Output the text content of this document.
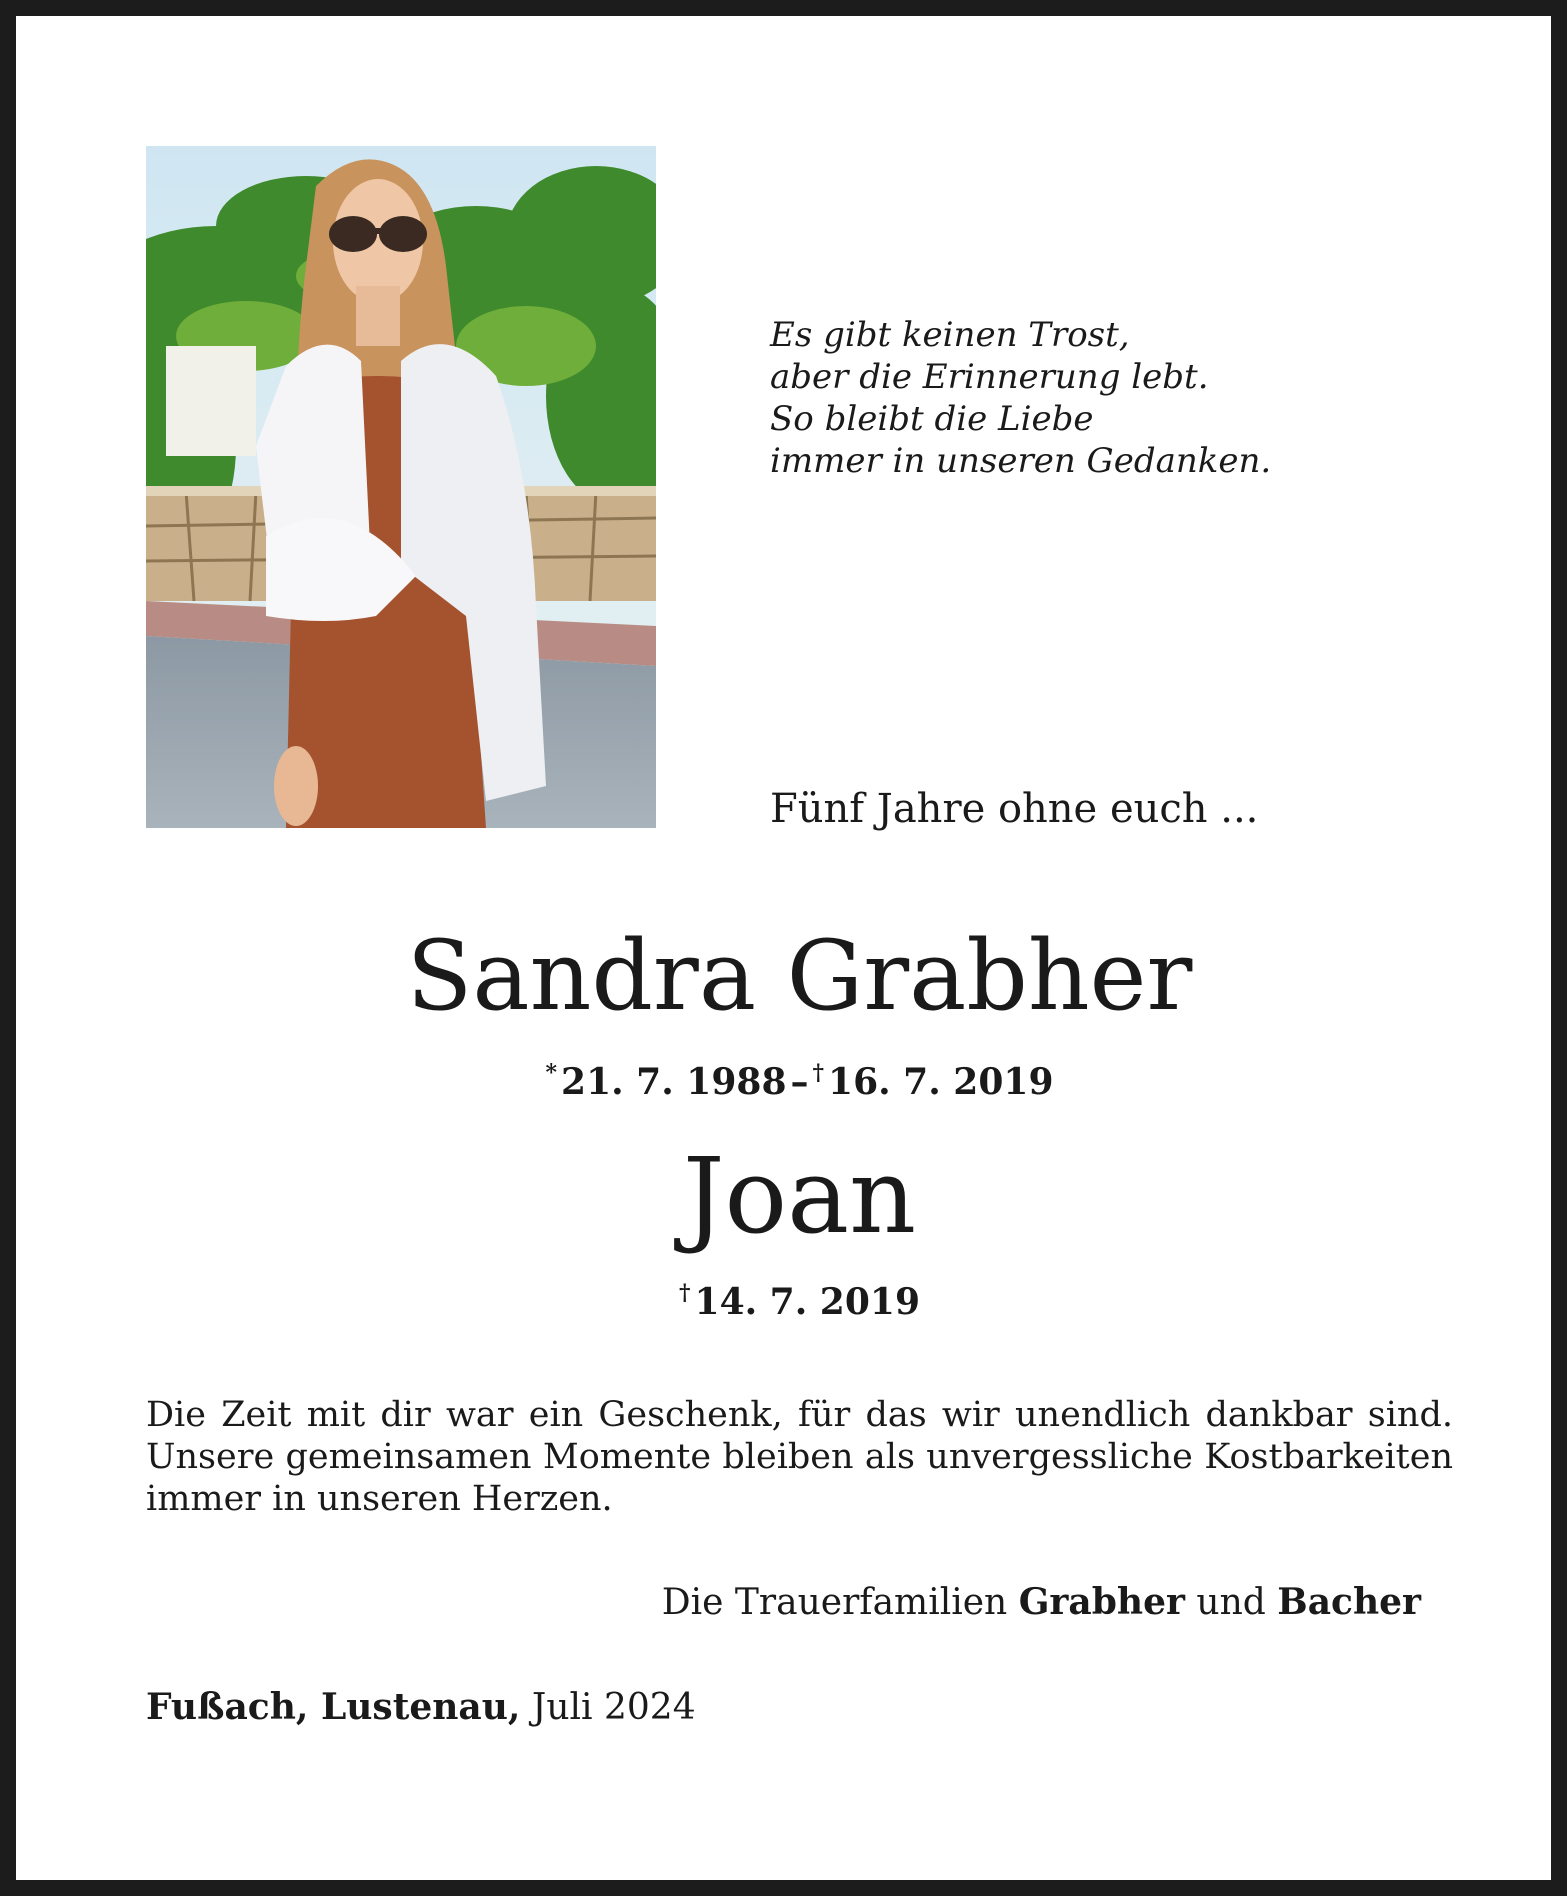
Es gibt keinen Trost,
aber die Erinnerung lebt.
So bleibt die Liebe
immer in unseren Gedanken.
Fünf Jahre ohne euch ...
Sandra Grabher
* 21. 7. 1988 – † 16. 7. 2019
Joan
† 14. 7. 2019
Die Zeit mit dir war ein Geschenk, für das wir unendlich dankbar sind. Unsere gemeinsamen Momente bleiben als unvergessliche Kostbarkeiten immer in unseren Herzen.
Die Trauerfamilien Grabher und Bacher
Fußach, Lustenau, Juli 2024
